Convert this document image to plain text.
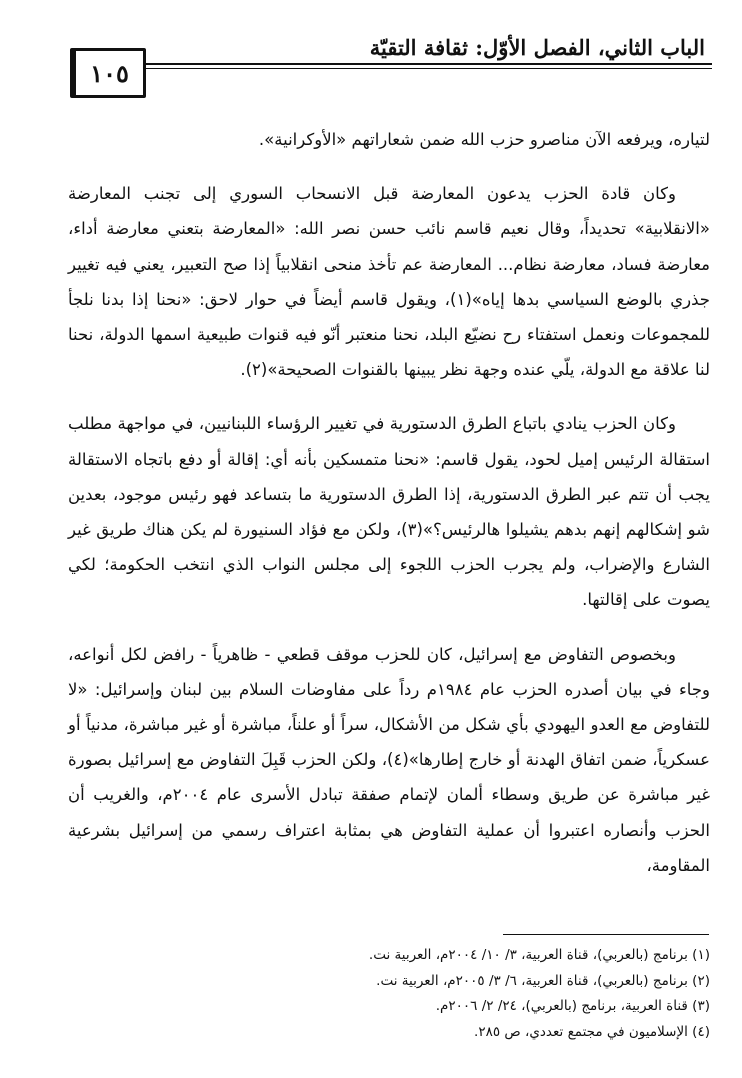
الباب الثاني، الفصل الأوّل: ثقافة التقيّة
١٠٥

لتياره، ويرفعه الآن مناصرو حزب الله ضمن شعاراتهم «الأوكرانية».

وكان قادة الحزب يدعون المعارضة قبل الانسحاب السوري إلى تجنب المعارضة «الانقلابية» تحديداً، وقال نعيم قاسم نائب حسن نصر الله: «المعارضة بتعني معارضة أداء، معارضة فساد، معارضة نظام... المعارضة عم تأخذ منحى انقلابياً إذا صح التعبير، يعني فيه تغيير جذري بالوضع السياسي بدها إياه»(١)، ويقول قاسم أيضاً في حوار لاحق: «نحنا إذا بدنا نلجأ للمجموعات ونعمل استفتاء رح نضيّع البلد، نحنا منعتبر أنّو فيه قنوات طبيعية اسمها الدولة، نحنا لنا علاقة مع الدولة، يلّي عنده وجهة نظر يبينها بالقنوات الصحيحة»(٢).

وكان الحزب ينادي باتباع الطرق الدستورية في تغيير الرؤساء اللبنانيين، في مواجهة مطلب استقالة الرئيس إميل لحود، يقول قاسم: «نحنا متمسكين بأنه أي: إقالة أو دفع باتجاه الاستقالة يجب أن تتم عبر الطرق الدستورية، إذا الطرق الدستورية ما بتساعد فهو رئيس موجود، بعدين شو إشكالهم إنهم بدهم يشيلوا هالرئيس؟»(٣)، ولكن مع فؤاد السنيورة لم يكن هناك طريق غير الشارع والإضراب، ولم يجرب الحزب اللجوء إلى مجلس النواب الذي انتخب الحكومة؛ لكي يصوت على إقالتها.

وبخصوص التفاوض مع إسرائيل، كان للحزب موقف قطعي - ظاهرياً - رافض لكل أنواعه، وجاء في بيان أصدره الحزب عام ١٩٨٤م رداً على مفاوضات السلام بين لبنان وإسرائيل: «لا للتفاوض مع العدو اليهودي بأي شكل من الأشكال، سراً أو علناً، مباشرة أو غير مباشرة، مدنياً أو عسكرياً، ضمن اتفاق الهدنة أو خارج إطارها»(٤)، ولكن الحزب قَبِلَ التفاوض مع إسرائيل بصورة غير مباشرة عن طريق وسطاء ألمان لإتمام صفقة تبادل الأسرى عام ٢٠٠٤م، والغريب أن الحزب وأنصاره اعتبروا أن عملية التفاوض هي بمثابة اعتراف رسمي من إسرائيل بشرعية المقاومة،

(١) برنامج (بالعربي)، قناة العربية، ٣/ ١٠/ ٢٠٠٤م، العربية نت.
(٢) برنامج (بالعربي)، قناة العربية، ٦/ ٣/ ٢٠٠٥م، العربية نت.
(٣) قناة العربية، برنامج (بالعربي)، ٢٤/ ٢/ ٢٠٠٦م.
(٤) الإسلاميون في مجتمع تعددي، ص ٢٨٥.
